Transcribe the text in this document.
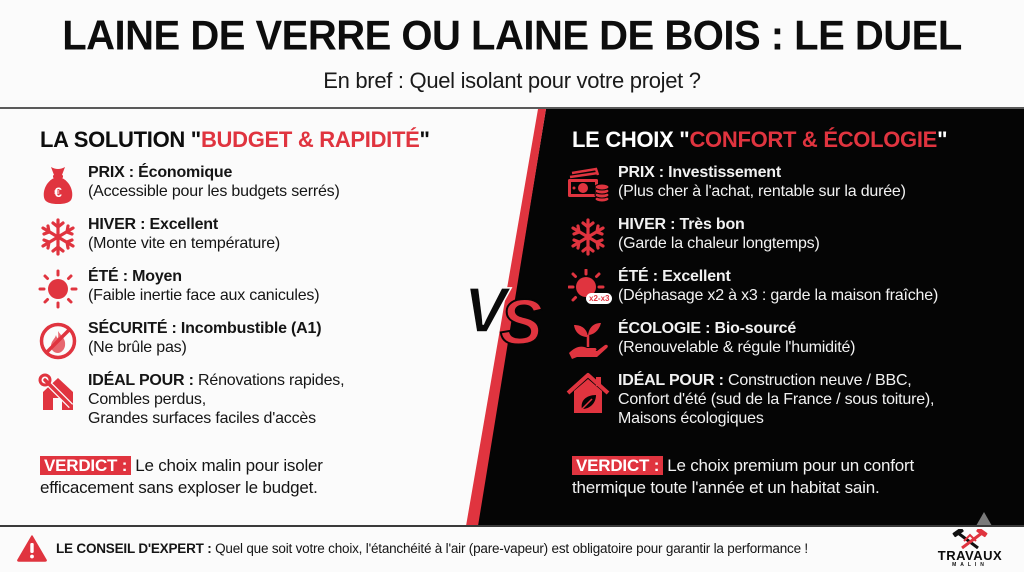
LAINE DE VERRE OU LAINE DE BOIS : LE DUEL
En bref : Quel isolant pour votre projet ?
LA SOLUTION "BUDGET & RAPIDITÉ"
€
PRIX : Économique
(Accessible pour les budgets serrés)
HIVER : Excellent
(Monte vite en température)
ÉTÉ : Moyen
(Faible inertie face aux canicules)
SÉCURITÉ : Incombustible (A1)
(Ne brûle pas)
IDÉAL POUR : Rénovations rapides,
Combles perdus,
Grandes surfaces faciles d'accès
VERDICT : Le choix malin pour isoler
efficacement sans exploser le budget.
V
S
LE CHOIX "CONFORT & ÉCOLOGIE"
PRIX : Investissement
(Plus cher à l'achat, rentable sur la durée)
HIVER : Très bon
(Garde la chaleur longtemps)
x2-x3
ÉTÉ : Excellent
(Déphasage x2 à x3 : garde la maison fraîche)
ÉCOLOGIE : Bio-sourcé
(Renouvelable & régule l'humidité)
IDÉAL POUR : Construction neuve / BBC,
Confort d'été (sud de la France / sous toiture),
Maisons écologiques
VERDICT : Le choix premium pour un confort
thermique toute l'année et un habitat sain.
LE CONSEIL D'EXPERT : Quel que soit votre choix, l'étanchéité à l'air (pare-vapeur) est obligatoire pour garantir la performance !	TRAVAUX
MALIN
